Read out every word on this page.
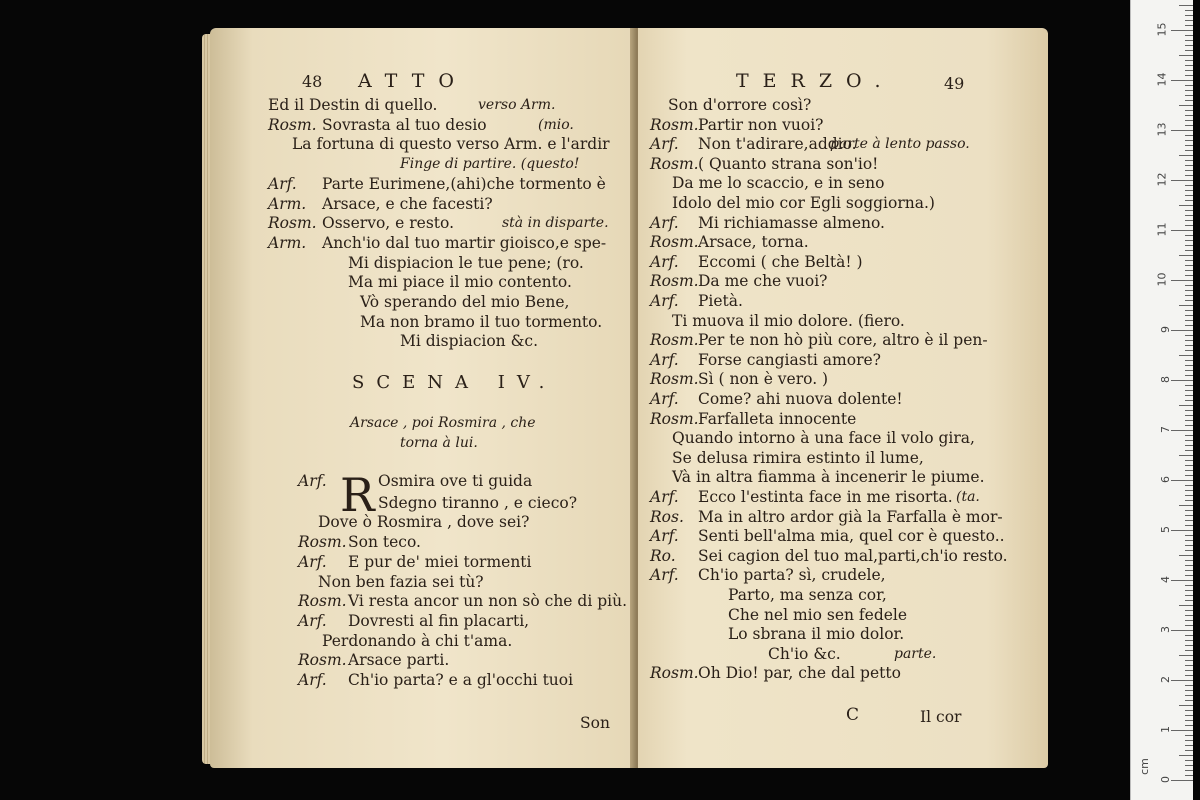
48 ATTO
SCENA IV.
Arsace , poi Rosmira , che
torna à lui.
R
Son
Ed il Destin di quello.	verso Arm.
Rosm. Sovrasta al tuo desio	(mio.
La fortuna di questo verso Arm. e l'ardir
Finge di partire. (questo!
Arf. Parte Eurimene,(ahi)che tormento è
Arm. Arsace, e che facesti?
Rosm. Osservo, e resto.	stà in disparte.
Arm. Anch'io dal tuo martir gioisco,e spe-
Mi dispiacion le tue pene; (ro.
Ma mi piace il mio contento.
Vò sperando del mio Bene,
Ma non bramo il tuo tormento.
Mi dispiacion &c.
Arf.	Osmira ove ti guida
Sdegno tiranno , e cieco?
Dove ò Rosmira , dove sei?
Rosm. Son teco.
Arf. E pur de' miei tormenti
Non ben fazia sei tù?
Rosm. Vi resta ancor un non sò che di più.
Arf. Dovresti al fin placarti,
Perdonando à chi t'ama.
Rosm. Arsace parti.
Arf. Ch'io parta? e a gl'occhi tuoi
TERZO.	49
C	Il cor
Son d'orrore così?
Rosm. Partir non vuoi?
Arf. Non t'adirare,addio.
parte à lento passo.
Rosm. ( Quanto strana son'io!
Da me lo scaccio, e in seno
Idolo del mio cor Egli soggiorna.)
Arf. Mi richiamasse almeno.
Rosm. Arsace, torna.
Arf. Eccomi ( che Beltà! )
Rosm. Da me che vuoi?
Arf. Pietà.
Ti muova il mio dolore. (fiero.
Rosm. Per te non hò più core, altro è il pen-
Arf. Forse cangiasti amore?
Rosm. Sì ( non è vero. )
Arf. Come? ahi nuova dolente!
Rosm. Farfalleta innocente
Quando intorno à una face il volo gira,
Se delusa rimira estinto il lume,
Và in altra fiamma à incenerir le piume.
Arf. Ecco l'estinta face in me risorta. (ta.
Ros. Ma in altro ardor già la Farfalla è mor-
Arf. Senti bell'alma mia, quel cor è questo..
Ro. Sei cagion del tuo mal,parti,ch'io resto.
Arf. Ch'io parta? sì, crudele,
Parto, ma senza cor,
Che nel mio sen fedele
Lo sbrana il mio dolor.
Ch'io &c.	parte.
Rosm. Oh Dio! par, che dal petto
0
1
2
3
4
5
6
7
8
9
10
11
12
13
14
15
cm
